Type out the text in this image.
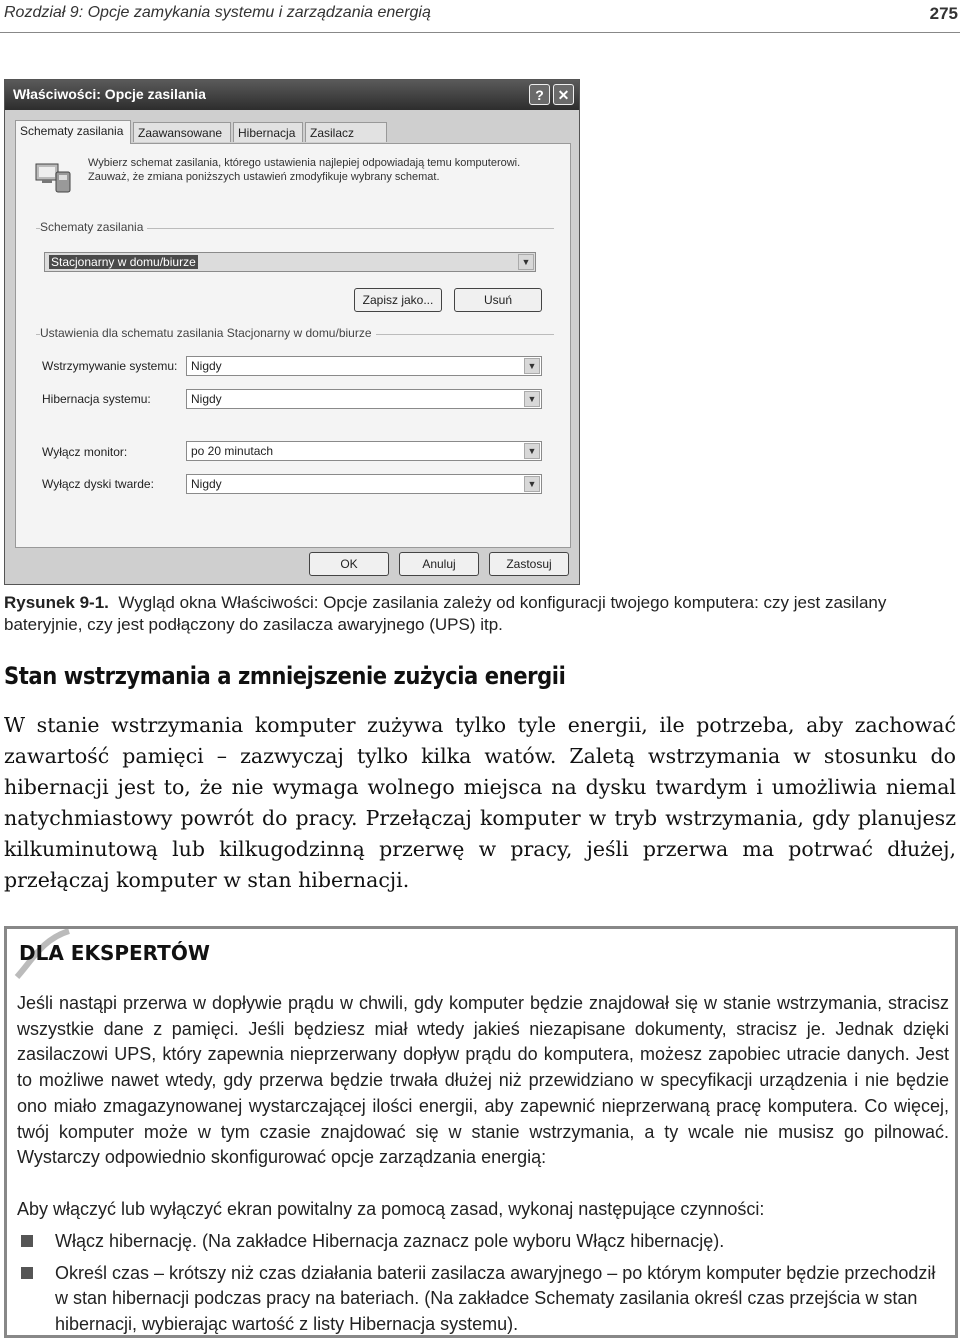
Rozdział 9: Opcje zamykania systemu i zarządzania energią	275
Właściwości: Opcje zasilania	? ✕
Schematy zasilania	Zaawansowane	Hibernacja	Zasilacz
Wybierz schemat zasilania, którego ustawienia najlepiej odpowiadają temu komputerowi. Zauważ, że zmiana poniższych ustawień zmodyfikuje wybrany schemat.
Schematy zasilania
Stacjonarny w domu/biurze	▼
Zapisz jako...	Usuń
Ustawienia dla schematu zasilania Stacjonarny w domu/biurze
Wstrzymywanie systemu:	Nigdy	▼
Hibernacja systemu:	Nigdy	▼
Wyłącz monitor:	po 20 minutach	▼
Wyłącz dyski twarde:	Nigdy	▼
OK	Anuluj	Zastosuj
Rysunek 9-1. Wygląd okna Właściwości: Opcje zasilania zależy od konfiguracji twojego komputera: czy jest zasilany bateryjnie, czy jest podłączony do zasilacza awaryjnego (UPS) itp.
Stan wstrzymania a zmniejszenie zużycia energii
W stanie wstrzymania komputer zużywa tylko tyle energii, ile potrzeba, aby zachować zawartość pamięci – zazwyczaj tylko kilka watów. Zaletą wstrzymania w stosunku do hibernacji jest to, że nie wymaga wolnego miejsca na dysku twardym i umożliwia niemal natychmiastowy powrót do pracy. Przełączaj komputer w tryb wstrzymania, gdy planujesz kilkuminutową lub kilkugodzinną przerwę w pracy, jeśli przerwa ma potrwać dłużej, przełączaj komputer w stan hibernacji.
DLA EKSPERTÓW
Jeśli nastąpi przerwa w dopływie prądu w chwili, gdy komputer będzie znajdował się w stanie wstrzymania, stracisz wszystkie dane z pamięci. Jeśli będziesz miał wtedy jakieś niezapisane dokumenty, stracisz je. Jednak dzięki zasilaczowi UPS, który zapewnia nieprzerwany dopływ prądu do komputera, możesz zapobiec utracie danych. Jest to możliwe nawet wtedy, gdy przerwa będzie trwała dłużej niż przewidziano w specyfikacji urządzenia i nie będzie ono miało zmagazynowanej wystarczającej ilości energii, aby zapewnić nieprzerwaną pracę komputera. Co więcej, twój komputer może w tym czasie znajdować się w stanie wstrzymania, a ty wcale nie musisz go pilnować. Wystarczy odpowiednio skonfigurować opcje zarządzania energią:
Aby włączyć lub wyłączyć ekran powitalny za pomocą zasad, wykonaj następujące czynności:
Włącz hibernację. (Na zakładce Hibernacja zaznacz pole wyboru Włącz hibernację).
Określ czas – krótszy niż czas działania baterii zasilacza awaryjnego – po którym komputer będzie przechodził w stan hibernacji podczas pracy na bateriach. (Na zakładce Schematy zasilania określ czas przejścia w stan hibernacji, wybierając wartość z listy Hibernacja systemu).
